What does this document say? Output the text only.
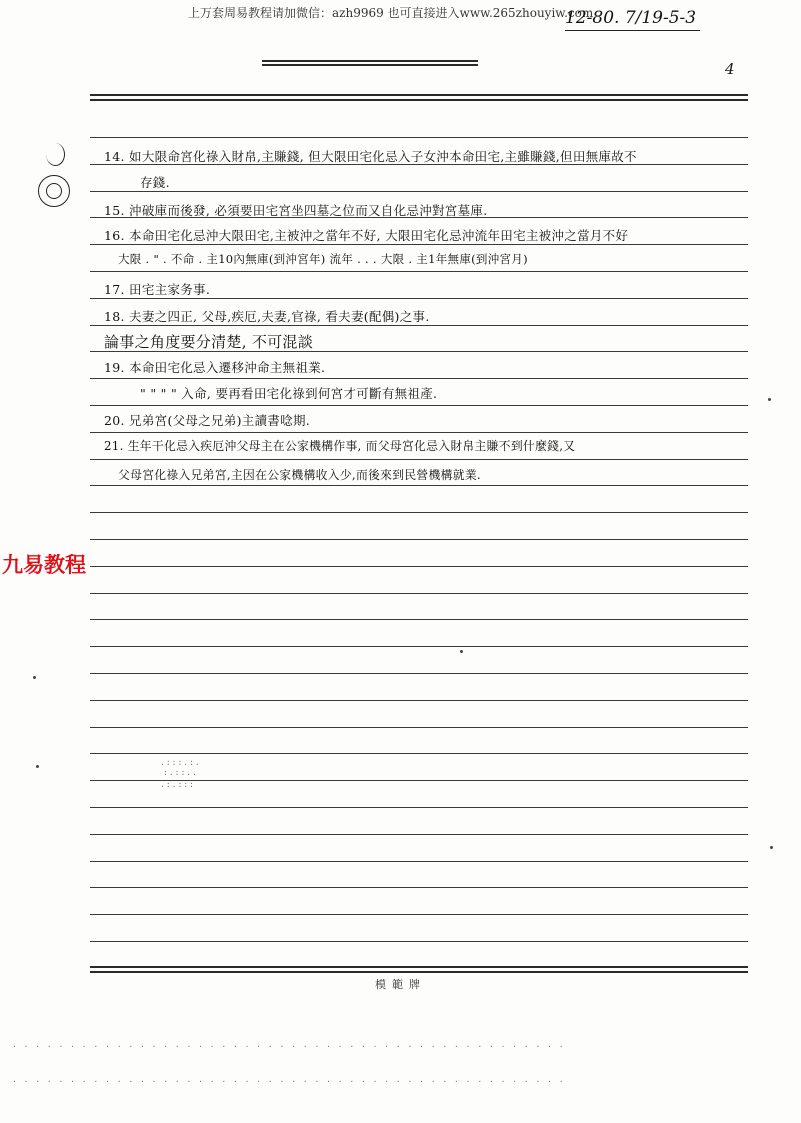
上万套周易教程请加微信：azh9969 也可直接进入www.265zhouyiw.com
12-80. 7/19-5-3
4
14. 如大限命宮化祿入財帛,主賺錢, 但大限田宅化忌入子女沖本命田宅,主雖賺錢,但田無庫故不
存錢.
15. 沖破庫而後發, 必須要田宅宮坐四墓之位而又自化忌沖對宮墓庫.
16. 本命田宅化忌沖大限田宅,主被沖之當年不好, 大限田宅化忌沖流年田宅主被沖之當月不好
大限 . " . 不命 . 主10內無庫(到沖宮年) 流年 . . . 大限 . 主1年無庫(到沖宮月)
17. 田宅主家务事.
18. 夫妻之四正, 父母,疾厄,夫妻,官祿, 看夫妻(配偶)之事.
論事之角度要分清楚, 不可混談
19. 本命田宅化忌入遷移沖命主無祖業.
" " " " 入命, 要再看田宅化祿到何宮才可斷有無祖產.
20. 兄弟宮(父母之兄弟)主讀書唸期.
21. 生年干化忌入疾厄沖父母主在公家機構作事, 而父母宮化忌入財帛主賺不到什麼錢,又
父母宮化祿入兄弟宮,主因在公家機構收入少,而後來到民營機構就業.
九易教程
模範牌
.:::.:.
:.::..
.:.:::
. . . . . . . . . . . . . . . . . . . . . . . . . . . . . . . . . . . . . . . . . . . . . . . .
. . . . . . . . . . . . . . . . . . . . . . . . . . . . . . . . . . . . . . . . . . . . . . . .
